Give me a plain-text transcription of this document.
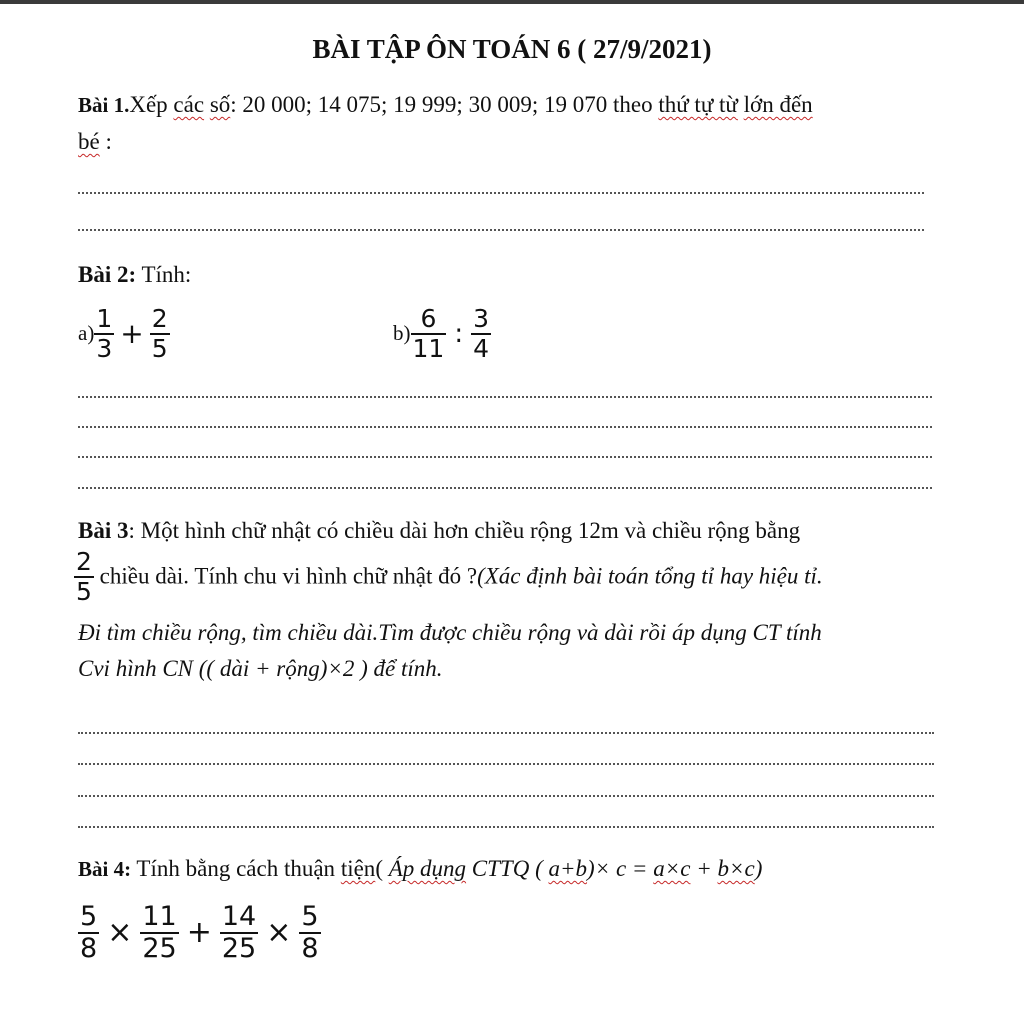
BÀI TẬP ÔN TOÁN 6 ( 27/9/2021)
Bài 1.Xếp các số: 20 000; 14 075; 19 999; 30 009; 19 070 theo thứ tự từ lớn đến
bé :
Bài 2: Tính:
$a) \frac{1}{3} + \frac{2}{5}$	$b) \frac{6}{11}$ : $\frac{3}{4}$
Bài 3: Một hình chữ nhật có chiều dài hơn chiều rộng 12m và chiều rộng bằng
$\frac{2}{5}$ chiều dài. Tính chu vi hình chữ nhật đó ?(Xác định bài toán tổng tỉ hay hiệu tỉ.
Đi tìm chiều rộng, tìm chiều dài.Tìm được chiều rộng và dài rồi áp dụng CT tính
Cvi hình CN (( dài + rộng)×2 ) để tính.
Bài 4: Tính bằng cách thuận tiện( Áp dụng CTTQ ( a+b)× c = a×c + b×c)
$\frac{5}{8} \times \frac{11}{25} + \frac{14}{25} \times \frac{5}{8}$
